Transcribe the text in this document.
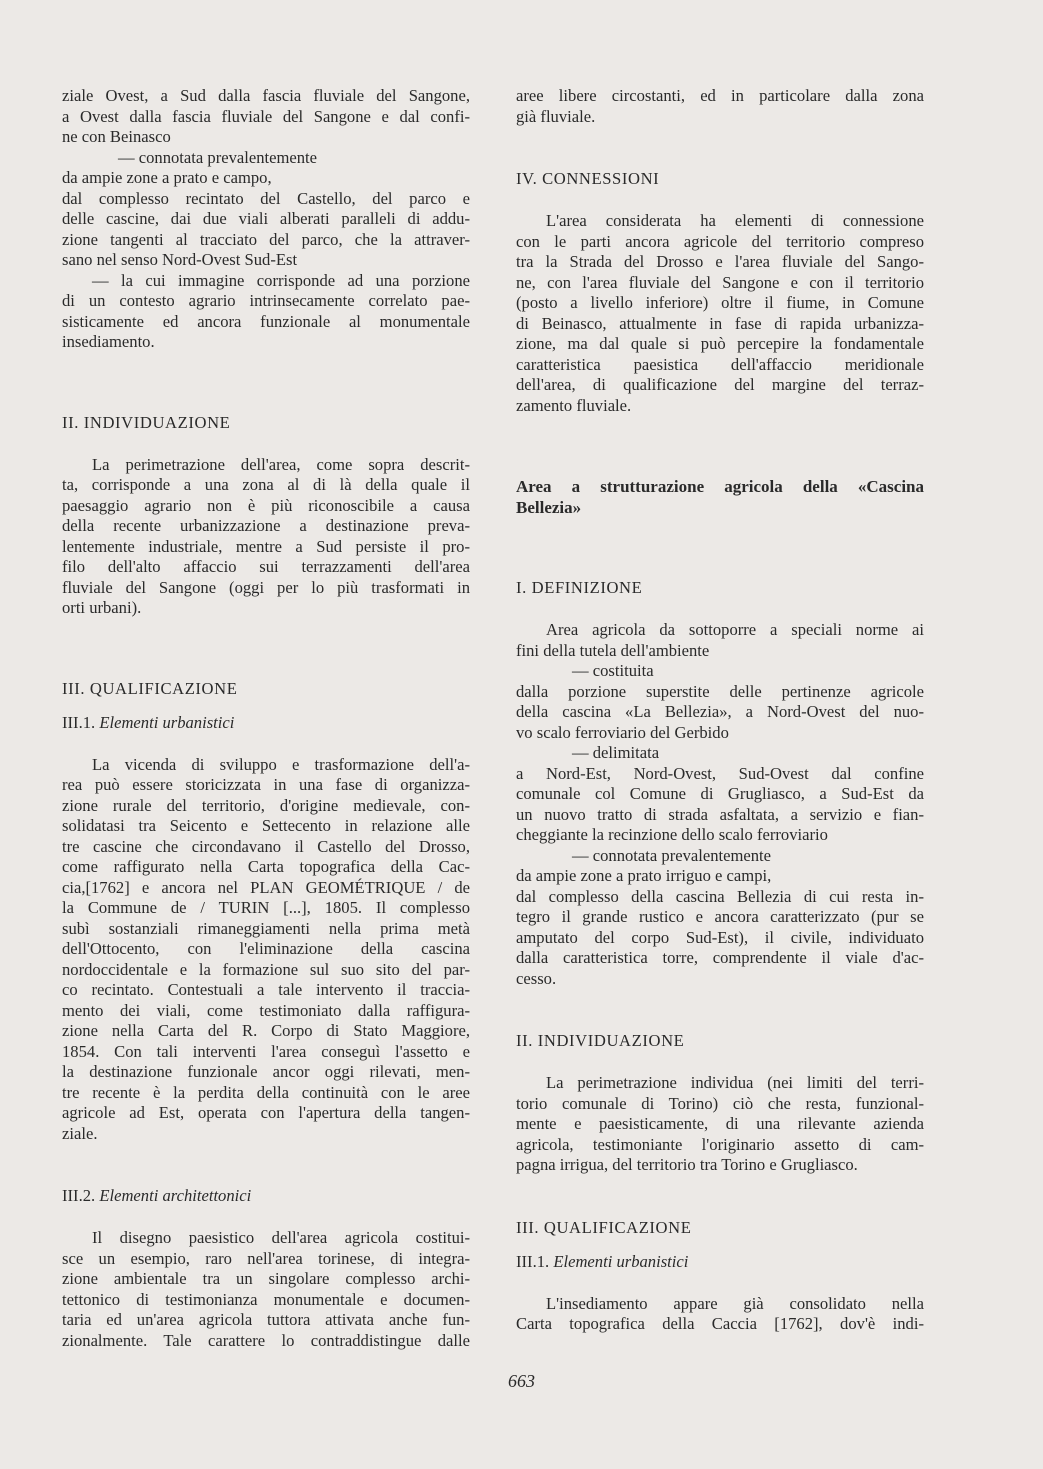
ziale Ovest, a Sud dalla fascia fluviale del Sangone,
a Ovest dalla fascia fluviale del Sangone e dal confi-
ne con Beinasco
— connotata prevalentemente
da ampie zone a prato e campo,
dal complesso recintato del Castello, del parco e
delle cascine, dai due viali alberati paralleli di addu-
zione tangenti al tracciato del parco, che la attraver-
sano nel senso Nord-Ovest Sud-Est
— la cui immagine corrisponde ad una porzione
di un contesto agrario intrinsecamente correlato pae-
sisticamente ed ancora funzionale al monumentale
insediamento.
II. INDIVIDUAZIONE
La perimetrazione dell'area, come sopra descrit-
ta, corrisponde a una zona al di là della quale il
paesaggio agrario non è più riconoscibile a causa
della recente urbanizzazione a destinazione preva-
lentemente industriale, mentre a Sud persiste il pro-
filo dell'alto affaccio sui terrazzamenti dell'area
fluviale del Sangone (oggi per lo più trasformati in
orti urbani).
III. QUALIFICAZIONE
III.1. Elementi urbanistici
La vicenda di sviluppo e trasformazione dell'a-
rea può essere storicizzata in una fase di organizza-
zione rurale del territorio, d'origine medievale, con-
solidatasi tra Seicento e Settecento in relazione alle
tre cascine che circondavano il Castello del Drosso,
come raffigurato nella Carta topografica della Cac-
cia,[1762] e ancora nel PLAN GEOMÉTRIQUE / de
la Commune de / TURIN [...], 1805. Il complesso
subì sostanziali rimaneggiamenti nella prima metà
dell'Ottocento, con l'eliminazione della cascina
nordoccidentale e la formazione sul suo sito del par-
co recintato. Contestuali a tale intervento il traccia-
mento dei viali, come testimoniato dalla raffigura-
zione nella Carta del R. Corpo di Stato Maggiore,
1854. Con tali interventi l'area conseguì l'assetto e
la destinazione funzionale ancor oggi rilevati, men-
tre recente è la perdita della continuità con le aree
agricole ad Est, operata con l'apertura della tangen-
ziale.
III.2. Elementi architettonici
Il disegno paesistico dell'area agricola costitui-
sce un esempio, raro nell'area torinese, di integra-
zione ambientale tra un singolare complesso archi-
tettonico di testimonianza monumentale e documen-
taria ed un'area agricola tuttora attivata anche fun-
zionalmente. Tale carattere lo contraddistingue dalle
aree libere circostanti, ed in particolare dalla zona
già fluviale.
IV. CONNESSIONI
L'area considerata ha elementi di connessione
con le parti ancora agricole del territorio compreso
tra la Strada del Drosso e l'area fluviale del Sango-
ne, con l'area fluviale del Sangone e con il territorio
(posto a livello inferiore) oltre il fiume, in Comune
di Beinasco, attualmente in fase di rapida urbanizza-
zione, ma dal quale si può percepire la fondamentale
caratteristica paesistica dell'affaccio meridionale
dell'area, di qualificazione del margine del terraz-
zamento fluviale.
Area a strutturazione agricola della «Cascina
Bellezia»
I. DEFINIZIONE
Area agricola da sottoporre a speciali norme ai
fini della tutela dell'ambiente
— costituita
dalla porzione superstite delle pertinenze agricole
della cascina «La Bellezia», a Nord-Ovest del nuo-
vo scalo ferroviario del Gerbido
— delimitata
a Nord-Est, Nord-Ovest, Sud-Ovest dal confine
comunale col Comune di Grugliasco, a Sud-Est da
un nuovo tratto di strada asfaltata, a servizio e fian-
cheggiante la recinzione dello scalo ferroviario
— connotata prevalentemente
da ampie zone a prato irriguo e campi,
dal complesso della cascina Bellezia di cui resta in-
tegro il grande rustico e ancora caratterizzato (pur se
amputato del corpo Sud-Est), il civile, individuato
dalla caratteristica torre, comprendente il viale d'ac-
cesso.
II. INDIVIDUAZIONE
La perimetrazione individua (nei limiti del terri-
torio comunale di Torino) ciò che resta, funzional-
mente e paesisticamente, di una rilevante azienda
agricola, testimoniante l'originario assetto di cam-
pagna irrigua, del territorio tra Torino e Grugliasco.
III. QUALIFICAZIONE
III.1. Elementi urbanistici
L'insediamento appare già consolidato nella
Carta topografica della Caccia [1762], dov'è indi-
663
